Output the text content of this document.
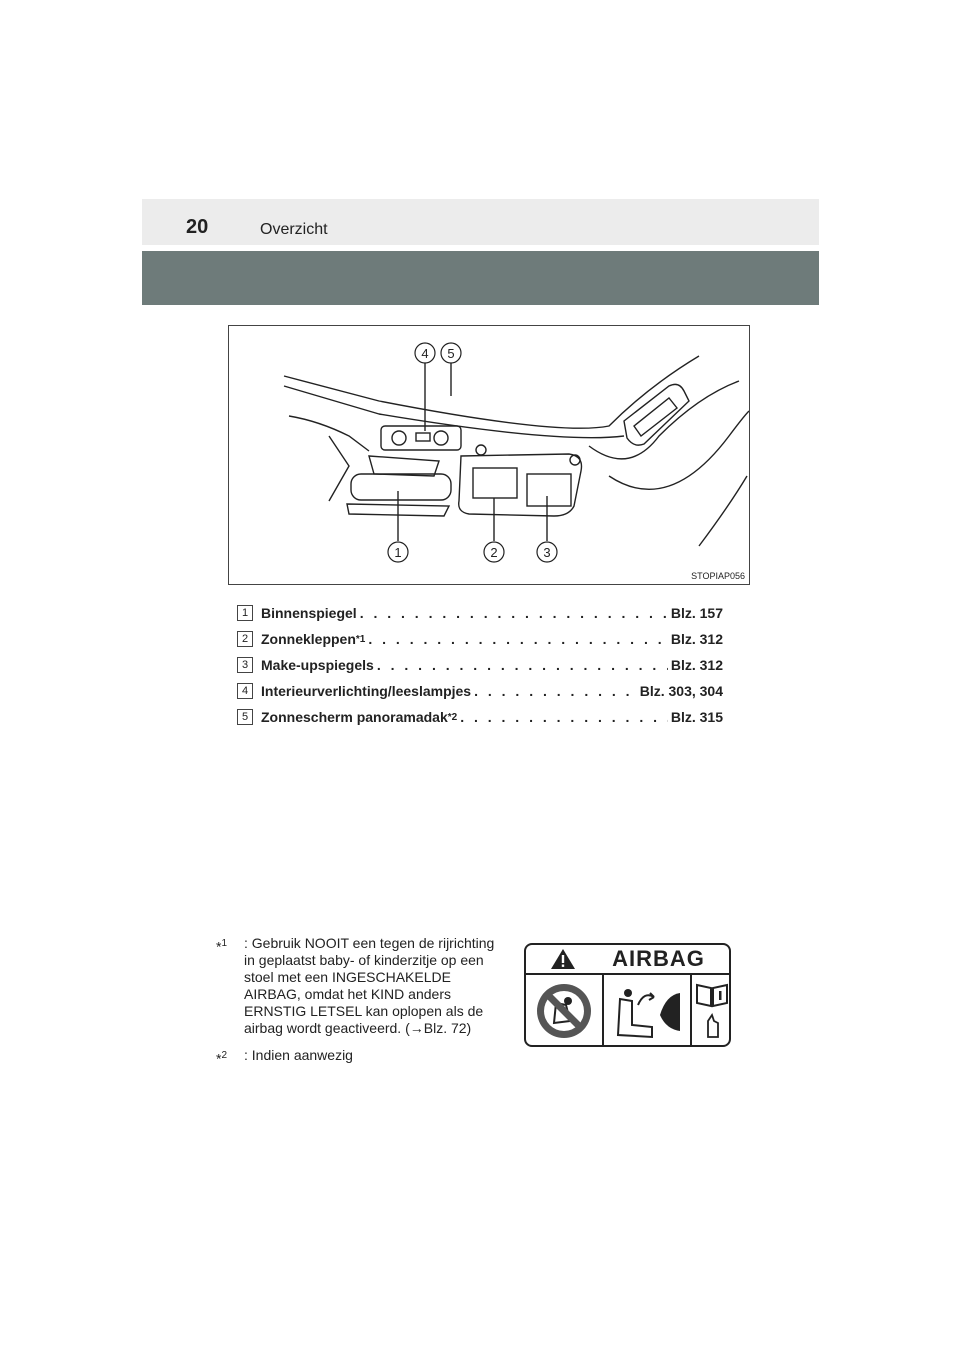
20	Overzicht
4 5
1	2	3
STOPIAP056
1 Binnenspiegel . . .	Blz. 157
2 Zonnekleppen *1 . . .	Blz. 312
3 Make-upspiegels . . .	Blz. 312
4 Interieurverlichting/leeslampjes . . .	Blz. 303, 304
5 Zonnescherm panoramadak *2 . . .	Blz. 315
*$^1$	: Gebruik NOOIT een tegen de rijrichting in geplaatst baby- of kinderzitje op een stoel met een INGESCHAKELDE AIRBAG, omdat het KIND anders ERNSTIG LETSEL kan oplopen als de airbag wordt geactiveerd. (→Blz. 72)
*$^2$	: Indien aanwezig
AIRBAG
